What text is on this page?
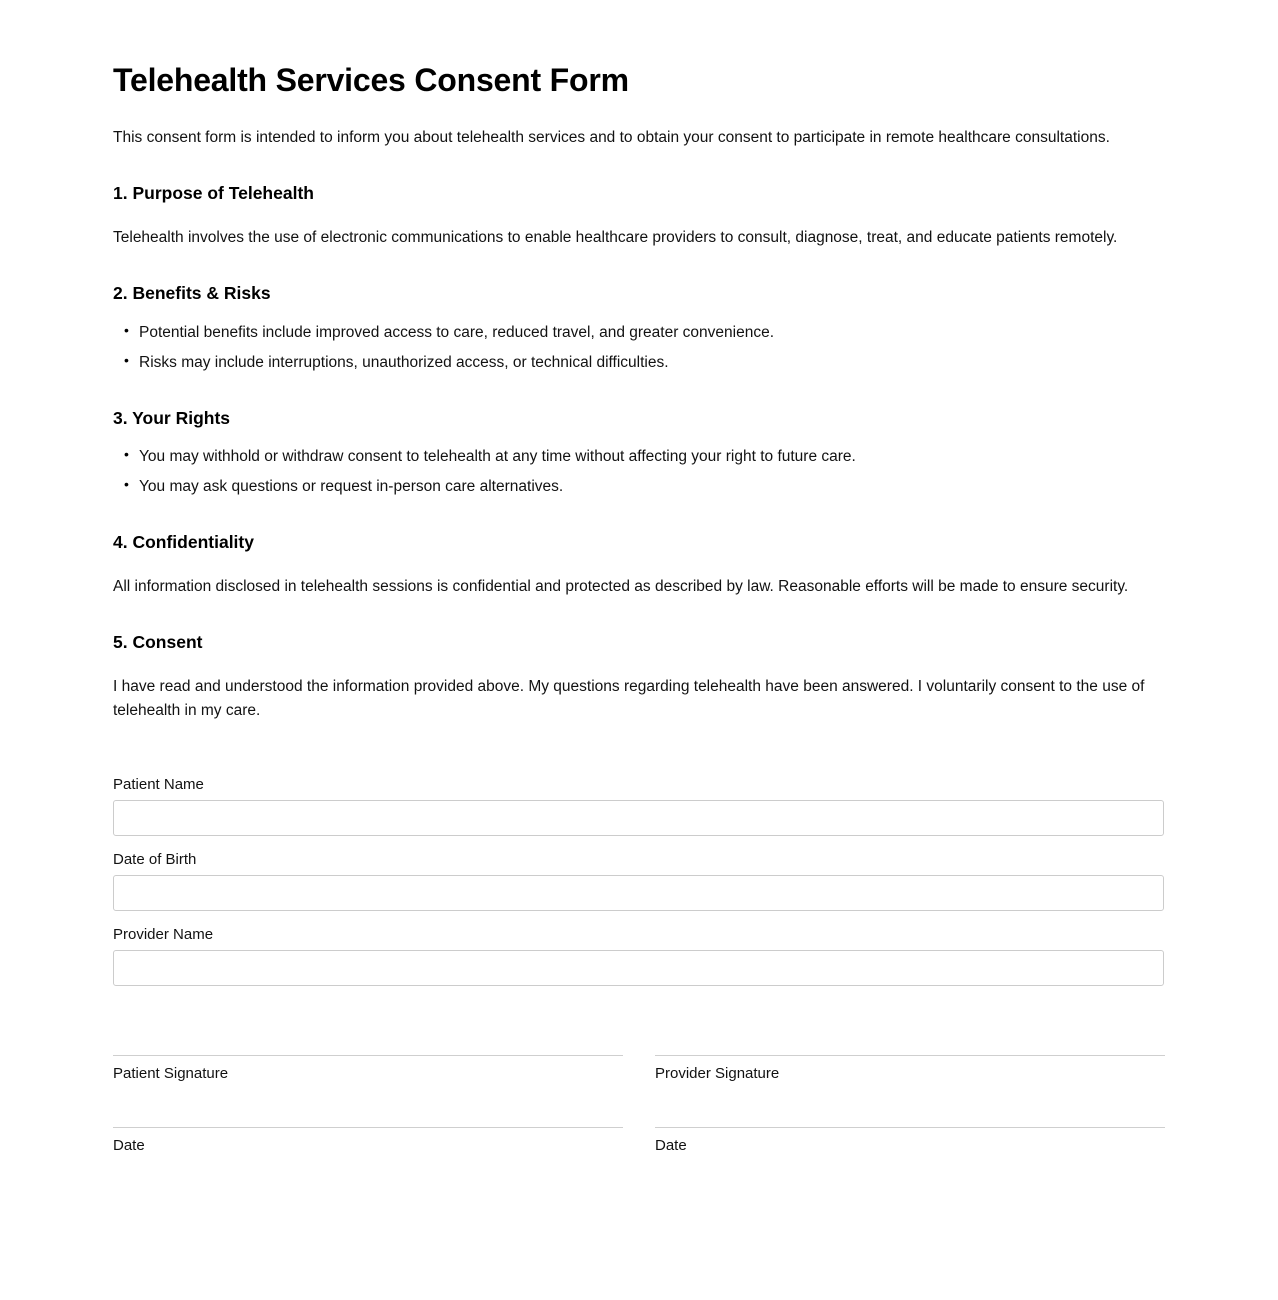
Telehealth Services Consent Form

This consent form is intended to inform you about telehealth services and to obtain your consent to participate in remote healthcare consultations.

1. Purpose of Telehealth

Telehealth involves the use of electronic communications to enable healthcare providers to consult, diagnose, treat, and educate patients remotely.

2. Benefits & Risks
• Potential benefits include improved access to care, reduced travel, and greater convenience.
• Risks may include interruptions, unauthorized access, or technical difficulties.
3. Your Rights
• You may withhold or withdraw consent to telehealth at any time without affecting your right to future care.
• You may ask questions or request in-person care alternatives.
4. Confidentiality

All information disclosed in telehealth sessions is confidential and protected as described by law. Reasonable efforts will be made to ensure security.

5. Consent

I have read and understood the information provided above. My questions regarding telehealth have been answered. I voluntarily consent to the use of telehealth in my care.

Patient Name
Date of Birth
Provider Name
Patient Signature
Date
Provider Signature
Date
